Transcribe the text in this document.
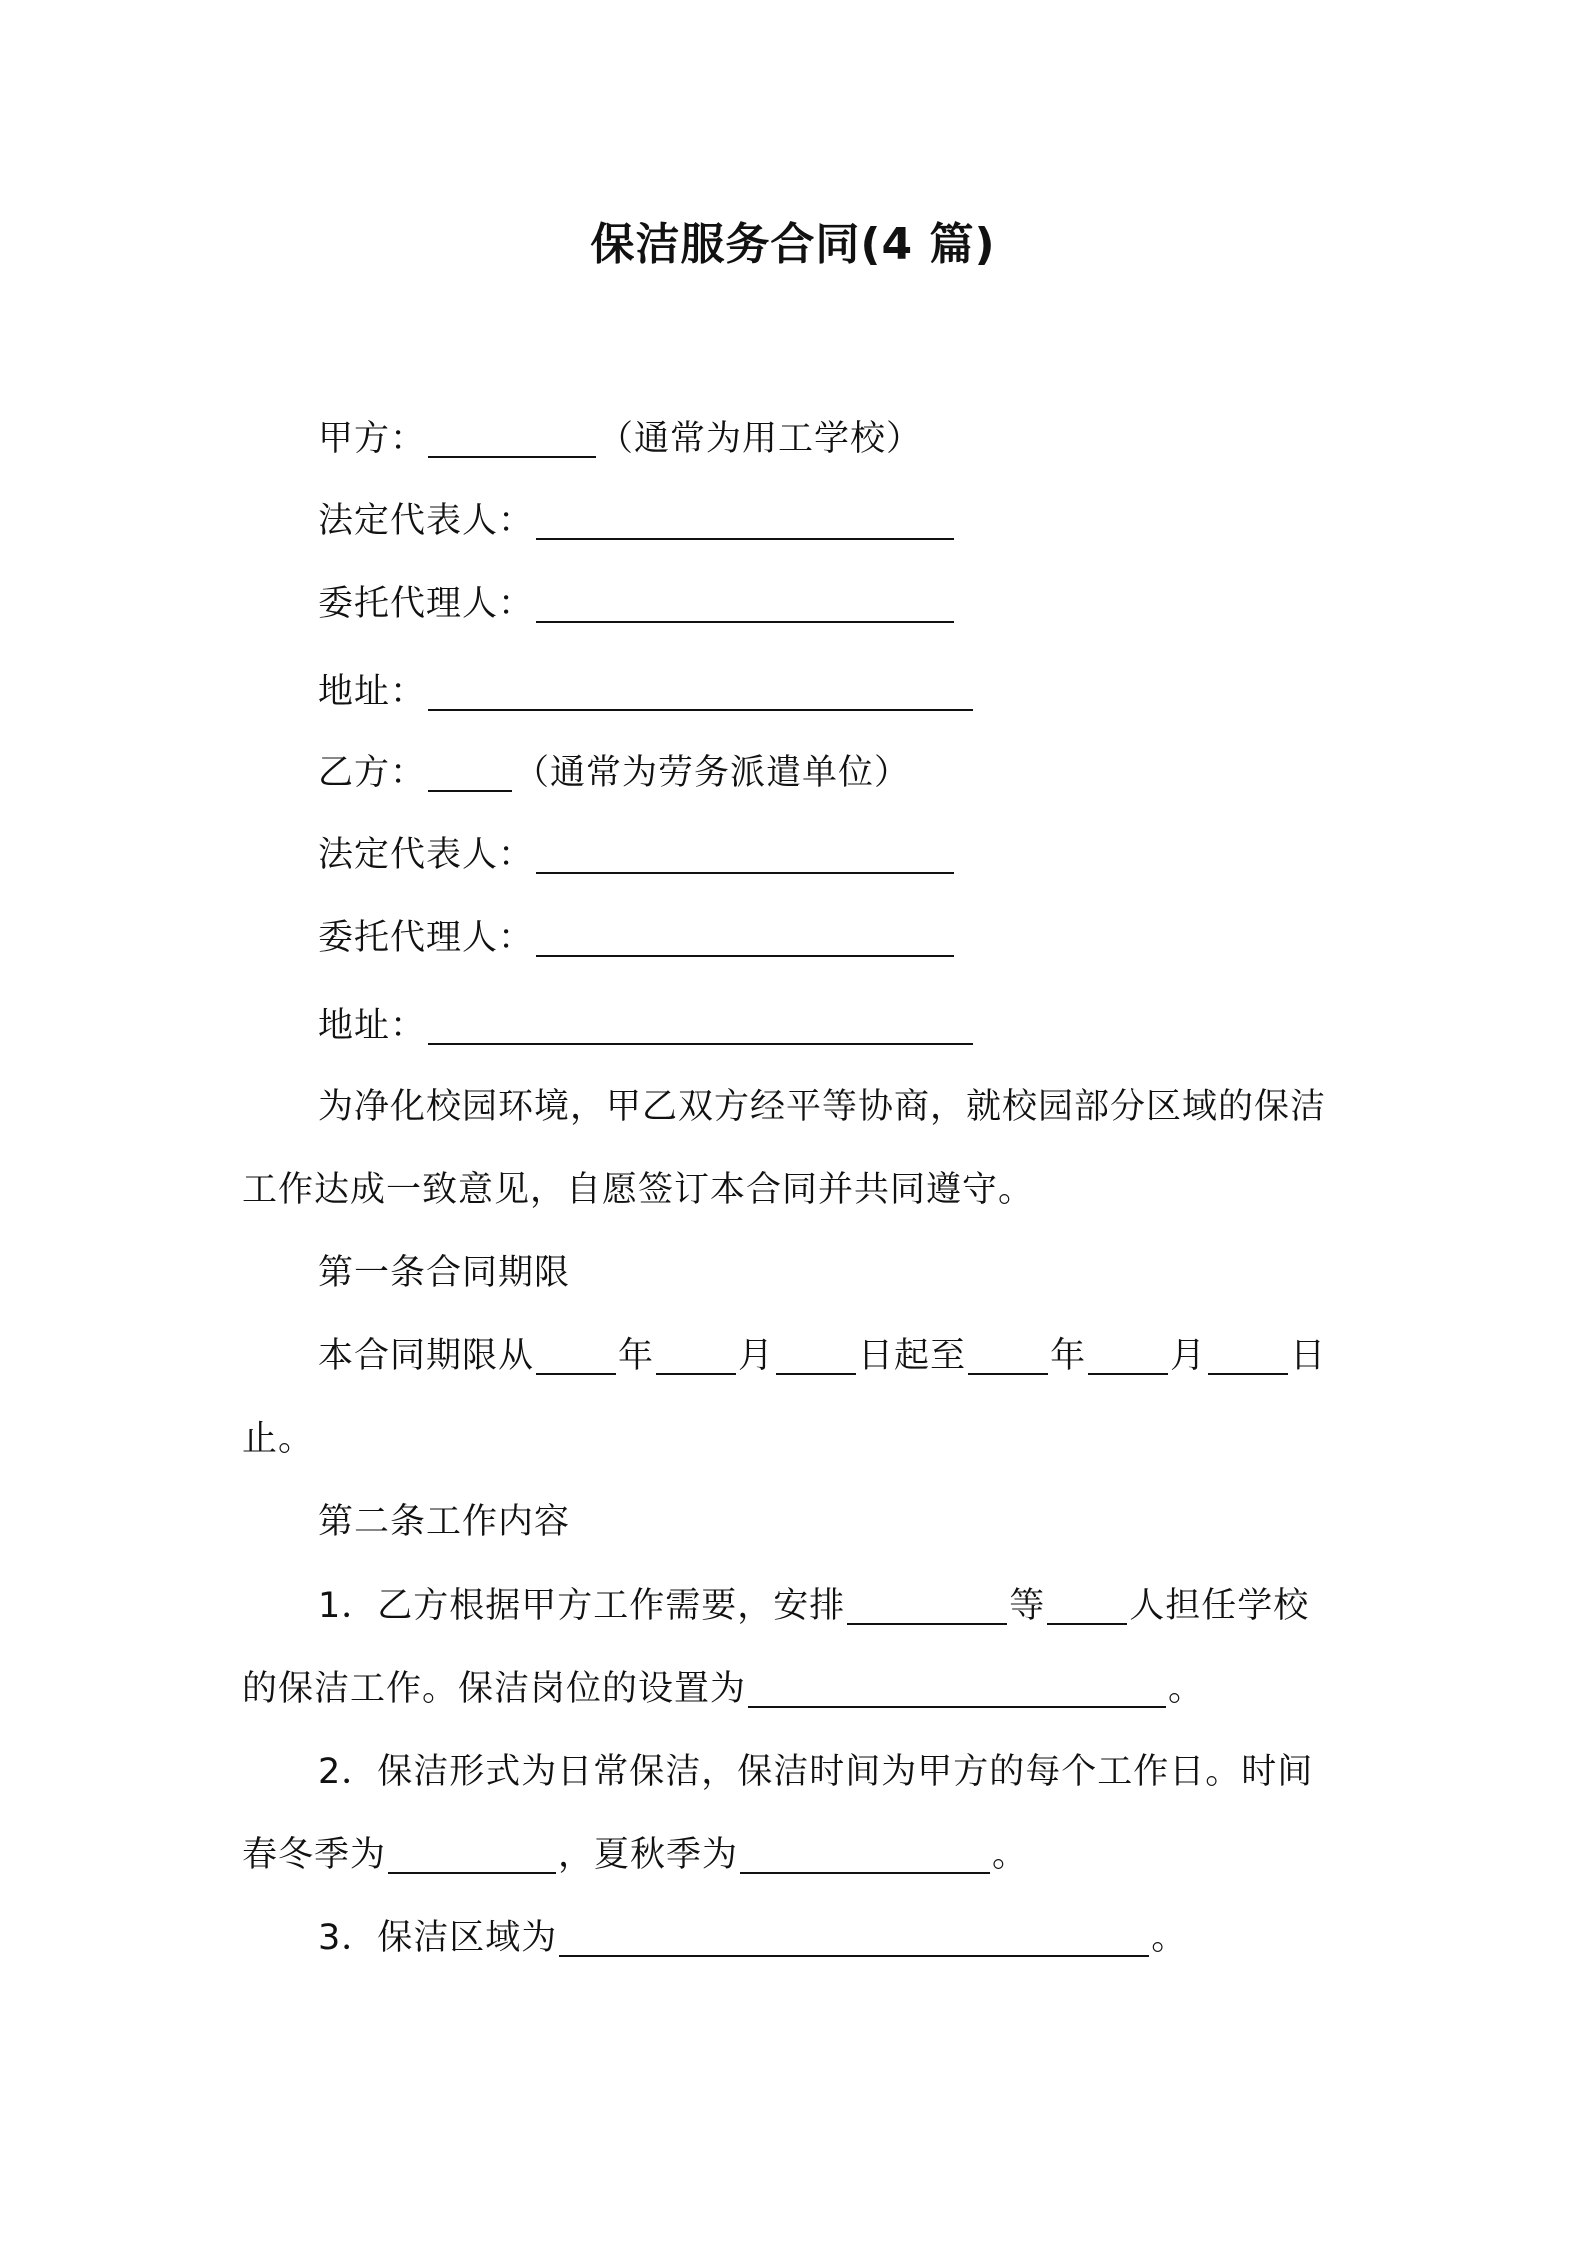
保洁服务合同(4 篇)
甲方：	（通常为用工学校）
法定代表人：
委托代理人：
地址：
乙方：	（通常为劳务派遣单位）
法定代表人：
委托代理人：
地址：
为净化校园环境，甲乙双方经平等协商，就校园部分区域的保洁
工作达成一致意见，自愿签订本合同并共同遵守。
第一条合同期限
本合同期限从 年 月 日起至 年 月 日
止。
第二条工作内容
1．乙方根据甲方工作需要，安排	等 人担任学校
的保洁工作。保洁岗位的设置为	。
2．保洁形式为日常保洁，保洁时间为甲方的每个工作日。时间
春冬季为	，夏秋季为	。
3．保洁区域为	。
